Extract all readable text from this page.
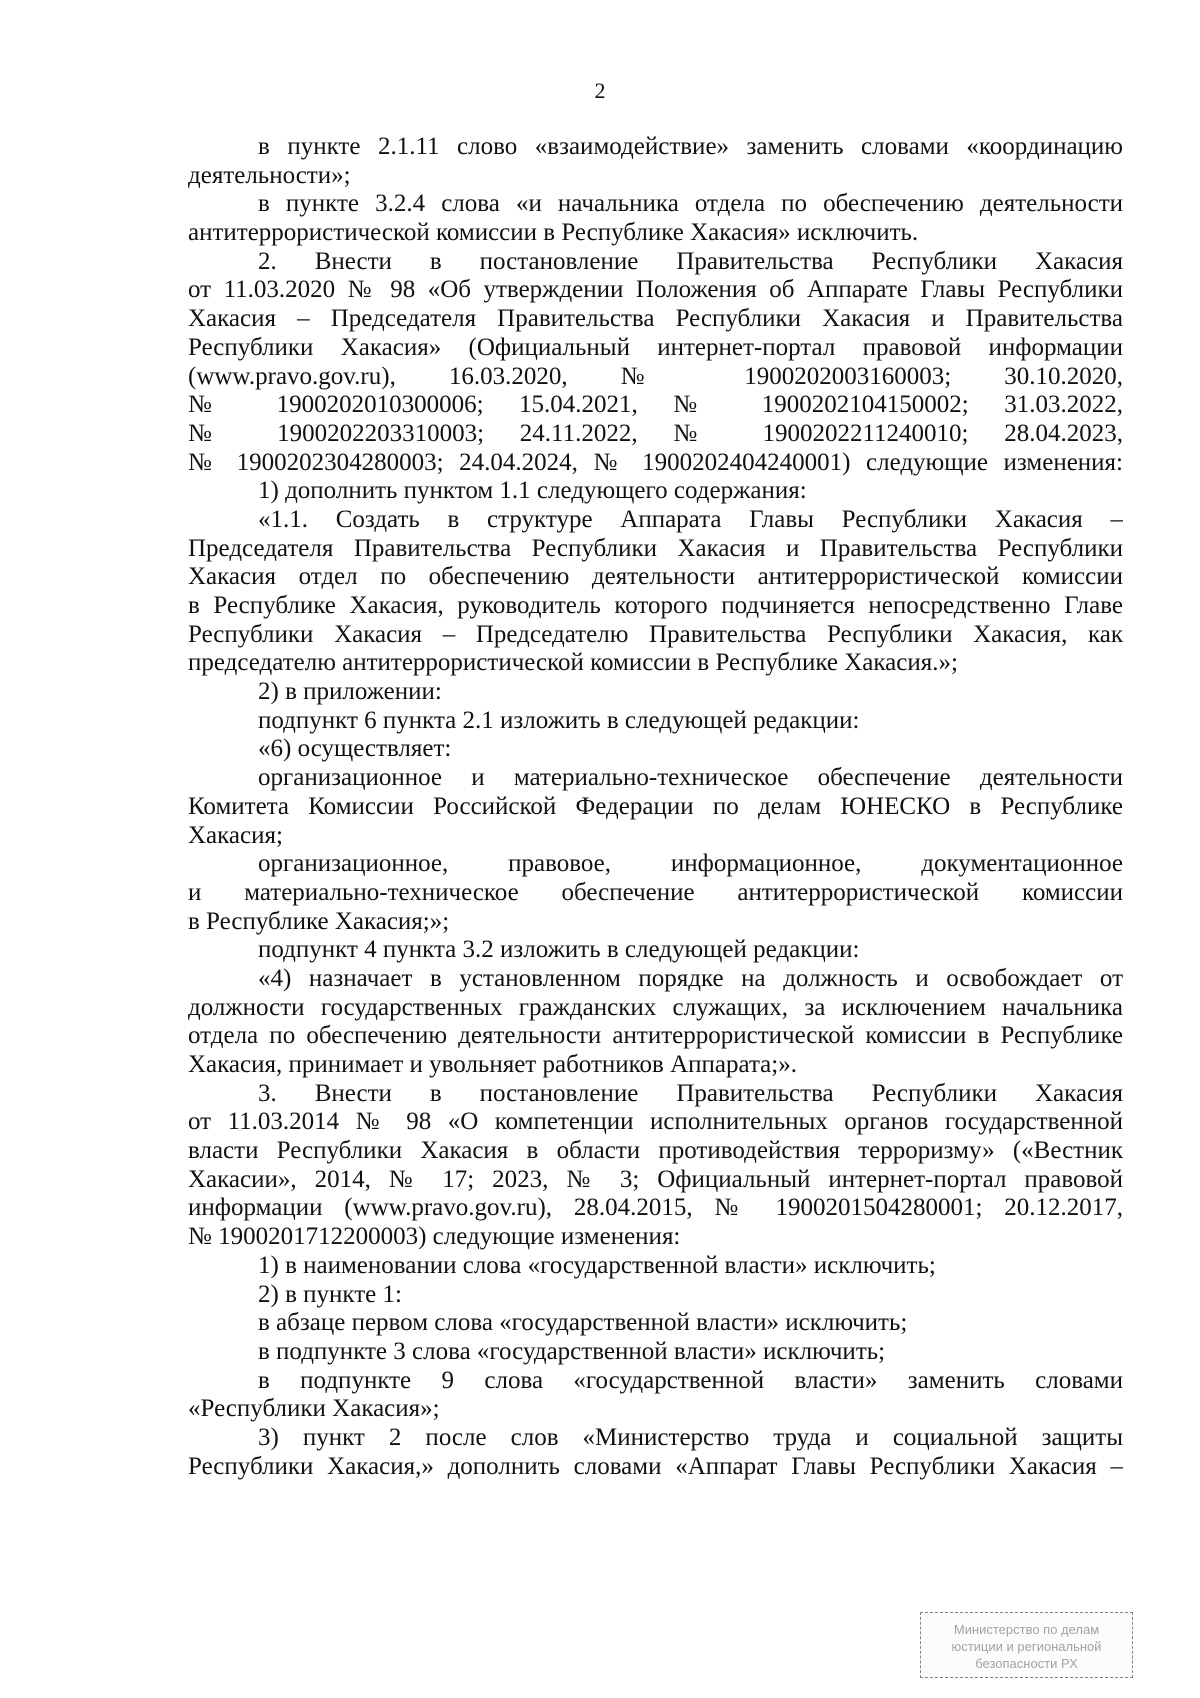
2
в пункте 2.1.11 слово «взаимодействие» заменить словами «координацию
деятельности»;
в пункте 3.2.4 слова «и начальника отдела по обеспечению деятельности
антитеррористической комиссии в Республике Хакасия» исключить.
2. Внести в постановление Правительства Республики Хакасия
от 11.03.2020 № 98 «Об утверждении Положения об Аппарате Главы Республики
Хакасия – Председателя Правительства Республики Хакасия и Правительства
Республики Хакасия» (Официальный интернет-портал правовой информации
(www.pravo.gov.ru), 16.03.2020, № 1900202003160003; 30.10.2020,
№ 1900202010300006; 15.04.2021, № 1900202104150002; 31.03.2022,
№ 1900202203310003; 24.11.2022, № 1900202211240010; 28.04.2023,
№ 1900202304280003; 24.04.2024, № 1900202404240001) следующие изменения:
1) дополнить пунктом 1.1 следующего содержания:
«1.1. Создать в структуре Аппарата Главы Республики Хакасия –
Председателя Правительства Республики Хакасия и Правительства Республики
Хакасия отдел по обеспечению деятельности антитеррористической комиссии
в Республике Хакасия, руководитель которого подчиняется непосредственно Главе
Республики Хакасия – Председателю Правительства Республики Хакасия, как
председателю антитеррористической комиссии в Республике Хакасия.»;
2) в приложении:
подпункт 6 пункта 2.1 изложить в следующей редакции:
«6) осуществляет:
организационное и материально-техническое обеспечение деятельности
Комитета Комиссии Российской Федерации по делам ЮНЕСКО в Республике
Хакасия;
организационное, правовое, информационное, документационное
и материально-техническое обеспечение антитеррористической комиссии
в Республике Хакасия;»;
подпункт 4 пункта 3.2 изложить в следующей редакции:
«4) назначает в установленном порядке на должность и освобождает от
должности государственных гражданских служащих, за исключением начальника
отдела по обеспечению деятельности антитеррористической комиссии в Республике
Хакасия, принимает и увольняет работников Аппарата;».
3. Внести в постановление Правительства Республики Хакасия
от 11.03.2014 № 98 «О компетенции исполнительных органов государственной
власти Республики Хакасия в области противодействия терроризму» («Вестник
Хакасии», 2014, № 17; 2023, № 3; Официальный интернет-портал правовой
информации (www.pravo.gov.ru), 28.04.2015, № 1900201504280001; 20.12.2017,
№ 1900201712200003) следующие изменения:
1) в наименовании слова «государственной власти» исключить;
2) в пункте 1:
в абзаце первом слова «государственной власти» исключить;
в подпункте 3 слова «государственной власти» исключить;
в подпункте 9 слова «государственной власти» заменить словами
«Республики Хакасия»;
3) пункт 2 после слов «Министерство труда и социальной защиты
Республики Хакасия,» дополнить словами «Аппарат Главы Республики Хакасия –
Министерство по делам
юстиции и региональной
безопасности РХ
